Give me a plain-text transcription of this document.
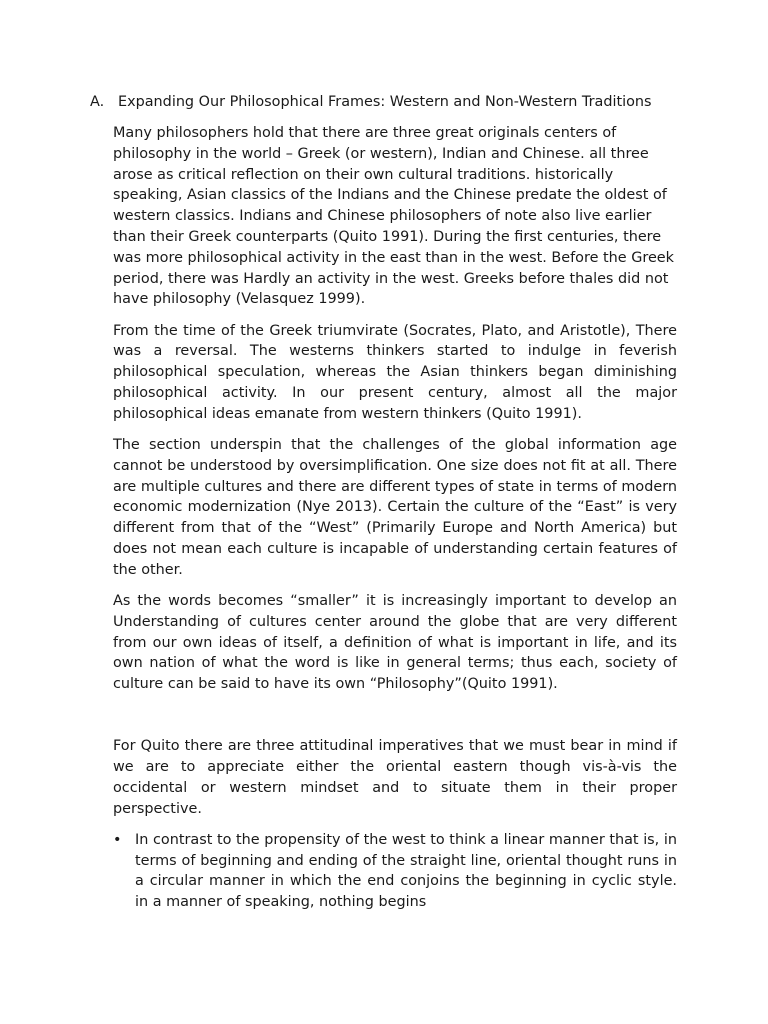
A. Expanding Our Philosophical Frames: Western and Non-Western Traditions

Many philosophers hold that there are three great originals centers of philosophy in the world – Greek (or western), Indian and Chinese. all three arose as critical reflection on their own cultural traditions. historically speaking, Asian classics of the Indians and the Chinese predate the oldest of western classics. Indians and Chinese philosophers of note also live earlier than their Greek counterparts (Quito 1991). During the first centuries, there was more philosophical activity in the east than in the west. Before the Greek period, there was Hardly an activity in the west. Greeks before thales did not have philosophy (Velasquez 1999).

From the time of the Greek triumvirate (Socrates, Plato, and Aristotle), There was a reversal. The westerns thinkers started to indulge in feverish philosophical speculation, whereas the Asian thinkers began diminishing philosophical activity. In our present century, almost all the major philosophical ideas emanate from western thinkers (Quito 1991).

The section underspin that the challenges of the global information age cannot be understood by oversimplification. One size does not fit at all. There are multiple cultures and there are different types of state in terms of modern economic modernization (Nye 2013). Certain the culture of the “East” is very different from that of the “West” (Primarily Europe and North America) but does not mean each culture is incapable of understanding certain features of the other.

As the words becomes “smaller” it is increasingly important to develop an Understanding of cultures center around the globe that are very different from our own ideas of itself, a definition of what is important in life, and its own nation of what the word is like in general terms; thus each, society of culture can be said to have its own “Philosophy”(Quito 1991).

For Quito there are three attitudinal imperatives that we must bear in mind if we are to appreciate either the oriental eastern though vis-à-vis the occidental or western mindset and to situate them in their proper perspective.

• In contrast to the propensity of the west to think a linear manner that is, in terms of beginning and ending of the straight line, oriental thought runs in a circular manner in which the end conjoins the beginning in cyclic style. in a manner of speaking, nothing begins
